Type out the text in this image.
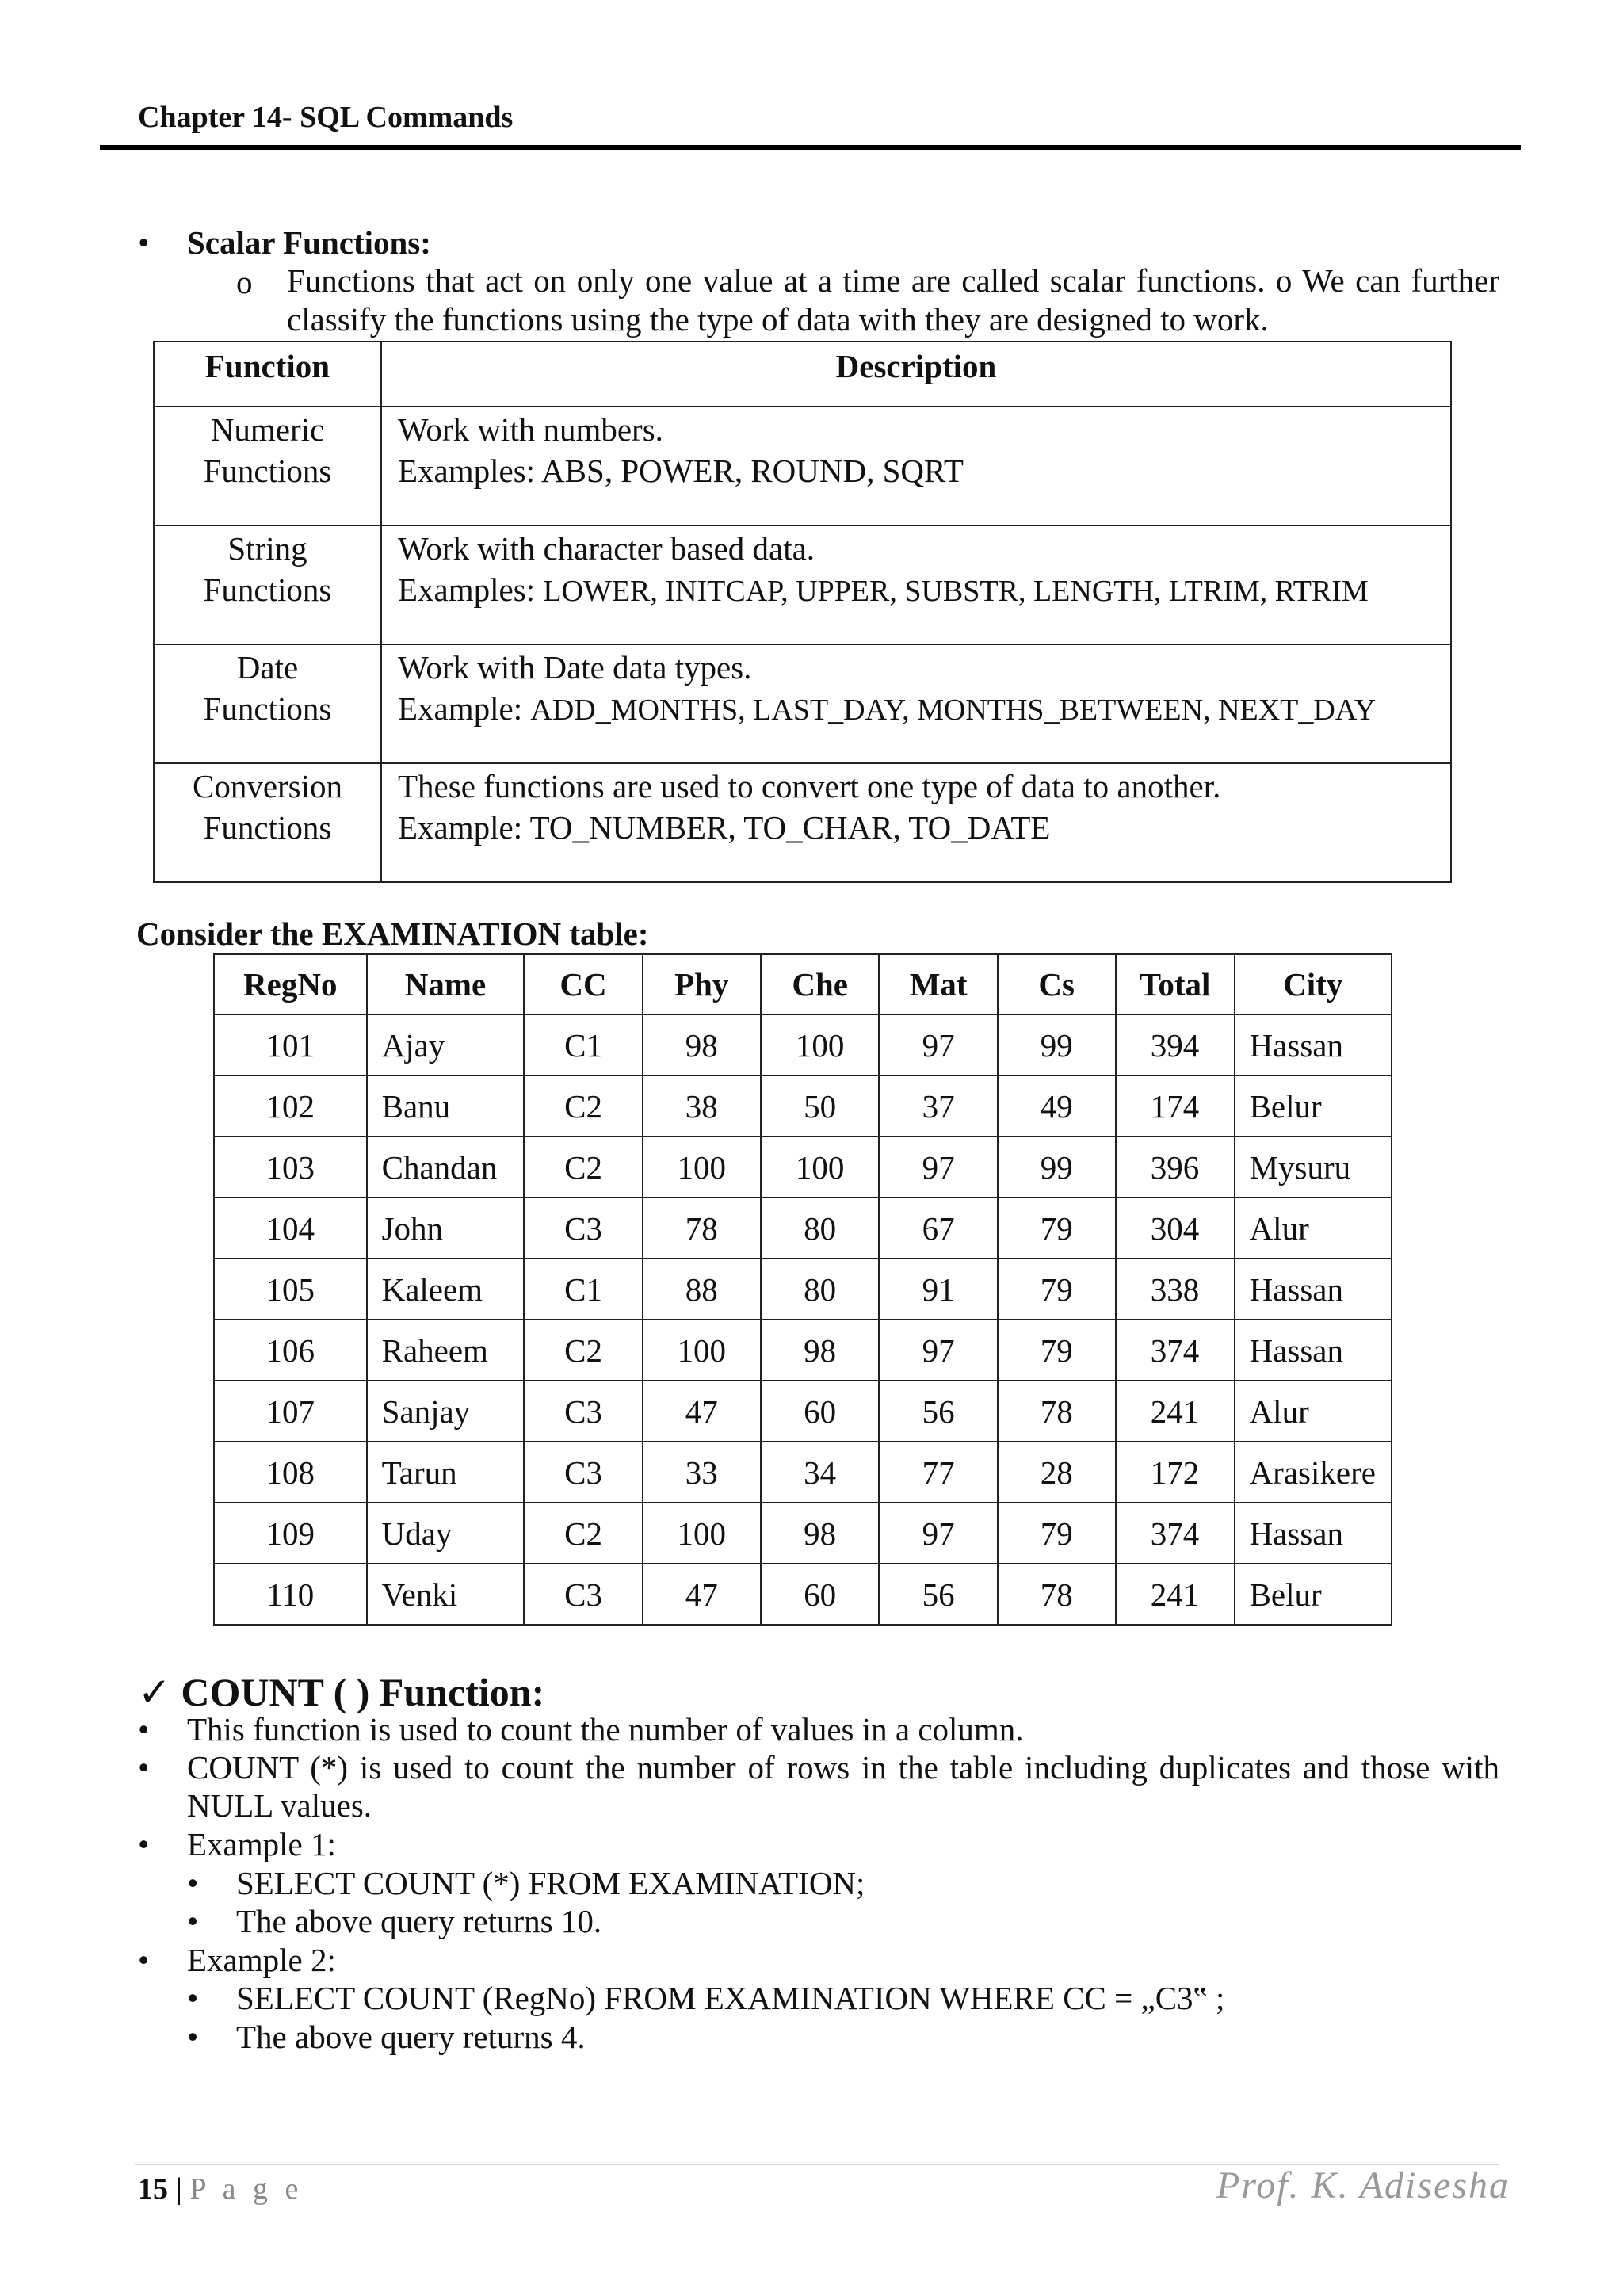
Chapter 14- SQL Commands
• Scalar Functions:
o Functions that act on only one value at a time are called scalar functions. o We can further classify the functions using the type of data with they are designed to work.
Function	Description
Numeric
Functions	Work with numbers.
Examples: ABS, POWER, ROUND, SQRT
String
Functions	Work with character based data.
Examples: LOWER, INITCAP, UPPER, SUBSTR, LENGTH, LTRIM, RTRIM
Date
Functions	Work with Date data types.
Example: ADD_MONTHS, LAST_DAY, MONTHS_BETWEEN, NEXT_DAY
Conversion
Functions	These functions are used to convert one type of data to another.
Example: TO_NUMBER, TO_CHAR, TO_DATE
Consider the EXAMINATION table:
RegNo	Name	CC	Phy	Che	Mat	Cs	Total	City
101	Ajay	C1	98	100	97	99	394	Hassan
102	Banu	C2	38	50	37	49	174	Belur
103	Chandan	C2	100	100	97	99	396	Mysuru
104	John	C3	78	80	67	79	304	Alur
105	Kaleem	C1	88	80	91	79	338	Hassan
106	Raheem	C2	100	98	97	79	374	Hassan
107	Sanjay	C3	47	60	56	78	241	Alur
108	Tarun	C3	33	34	77	28	172	Arasikere
109	Uday	C2	100	98	97	79	374	Hassan
110	Venki	C3	47	60	56	78	241	Belur
✓ COUNT ( ) Function:
• This function is used to count the number of values in a column.
• COUNT (*) is used to count the number of rows in the table including duplicates and those with NULL values.
• Example 1:
• SELECT COUNT (*) FROM EXAMINATION;
• The above query returns 10.
• Example 2:
• SELECT COUNT (RegNo) FROM EXAMINATION WHERE CC = „C3‟ ;
• The above query returns 4.
15 | P a g e	Prof. K. Adisesha
